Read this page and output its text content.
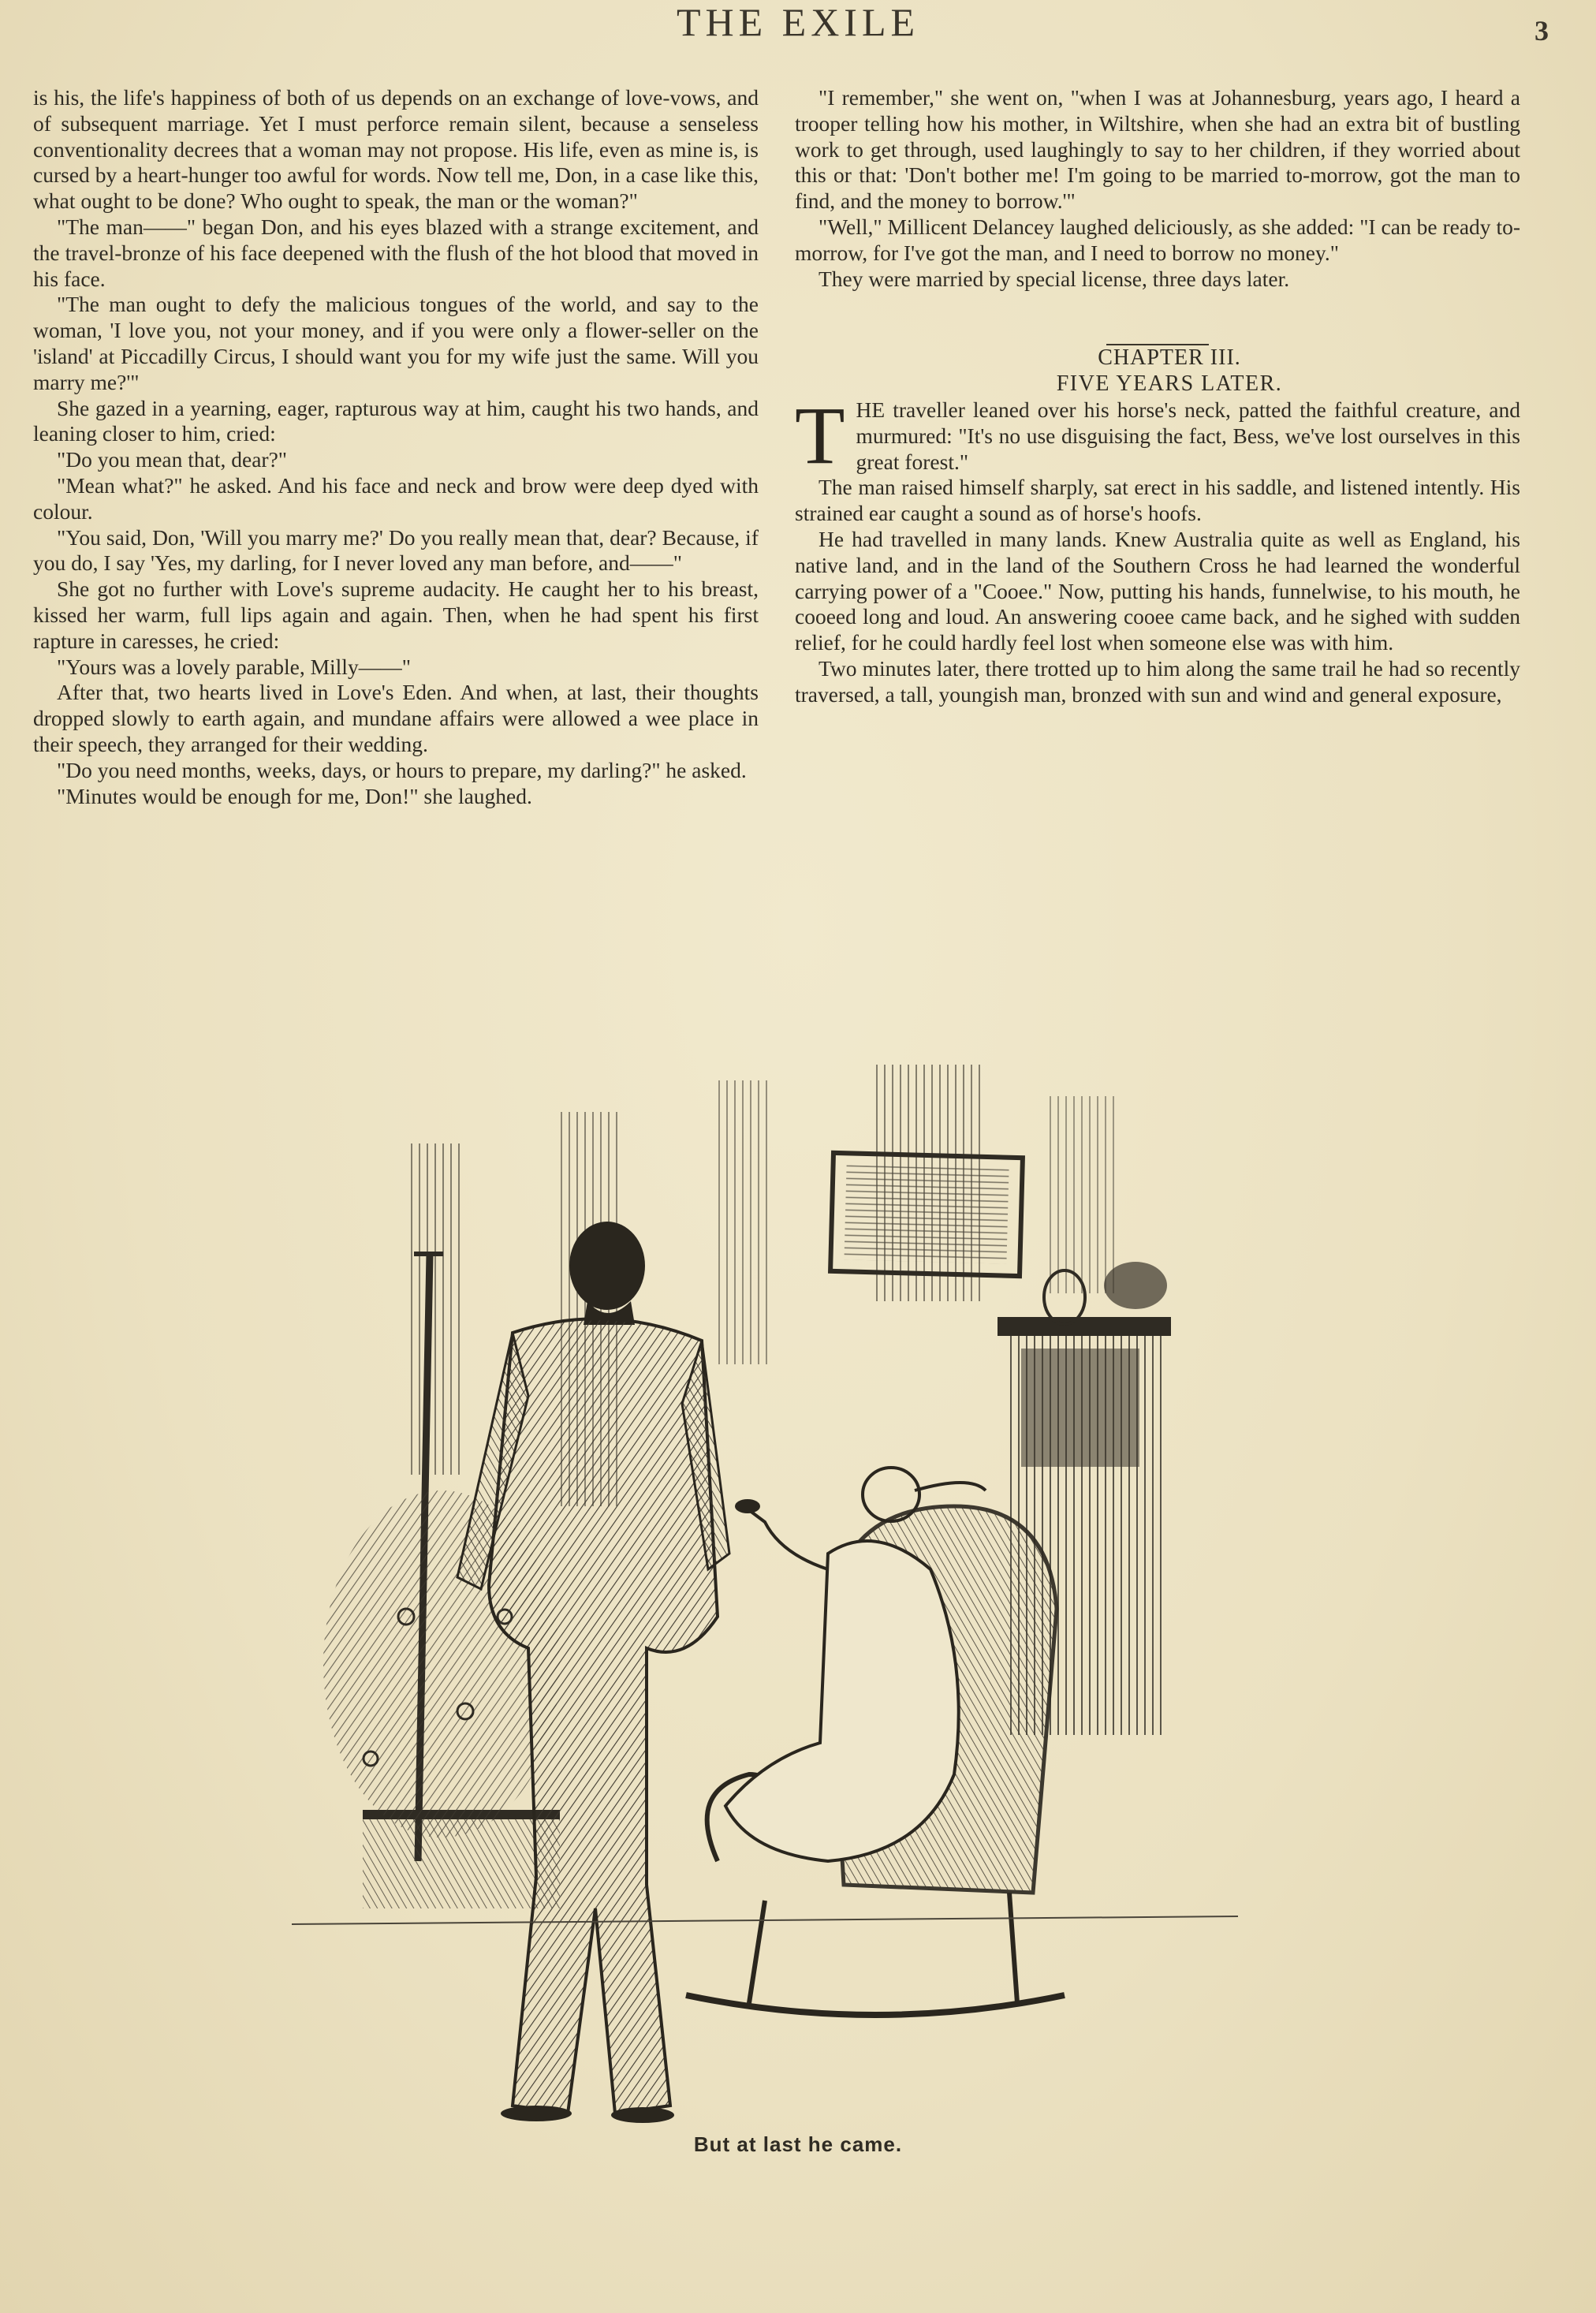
THE EXILE	3

is his, the life's happiness of both of us depends on an exchange of love-vows, and of subsequent marriage. Yet I must perforce remain silent, because a senseless conventionality decrees that a woman may not propose. His life, even as mine is, is cursed by a heart-hunger too awful for words. Now tell me, Don, in a case like this, what ought to be done? Who ought to speak, the man or the woman?"

"The man——" began Don, and his eyes blazed with a strange excitement, and the travel-bronze of his face deepened with the flush of the hot blood that moved in his face.

"The man ought to defy the malicious tongues of the world, and say to the woman, 'I love you, not your money, and if you were only a flower-seller on the 'island' at Piccadilly Circus, I should want you for my wife just the same. Will you marry me?'"

She gazed in a yearning, eager, rapturous way at him, caught his two hands, and leaning closer to him, cried:

"Do you mean that, dear?"

"Mean what?" he asked. And his face and neck and brow were deep dyed with colour.

"You said, Don, 'Will you marry me?' Do you really mean that, dear? Because, if you do, I say 'Yes, my darling, for I never loved any man before, and——"

She got no further with Love's supreme audacity. He caught her to his breast, kissed her warm, full lips again and again. Then, when he had spent his first rapture in caresses, he cried:

"Yours was a lovely parable, Milly——"

After that, two hearts lived in Love's Eden. And when, at last, their thoughts dropped slowly to earth again, and mundane affairs were allowed a wee place in their speech, they arranged for their wedding.

"Do you need months, weeks, days, or hours to prepare, my darling?" he asked.

"Minutes would be enough for me, Don!" she laughed.

"I remember," she went on, "when I was at Johannesburg, years ago, I heard a trooper telling how his mother, in Wiltshire, when she had an extra bit of bustling work to get through, used laughingly to say to her children, if they worried about this or that: 'Don't bother me! I'm going to be married to-morrow, got the man to find, and the money to borrow.'"

"Well," Millicent Delancey laughed deliciously, as she added: "I can be ready to-morrow, for I've got the man, and I need to borrow no money."

They were married by special license, three days later.

CHAPTER III.

FIVE YEARS LATER.

THE traveller leaned over his horse's neck, patted the faithful creature, and murmured: "It's no use disguising the fact, Bess, we've lost ourselves in this great forest."

The man raised himself sharply, sat erect in his saddle, and listened intently. His strained ear caught a sound as of horse's hoofs.

He had travelled in many lands. Knew Australia quite as well as England, his native land, and in the land of the Southern Cross he had learned the wonderful carrying power of a "Cooee." Now, putting his hands, funnelwise, to his mouth, he cooeed long and loud. An answering cooee came back, and he sighed with sudden relief, for he could hardly feel lost when someone else was with him.

Two minutes later, there trotted up to him along the same trail he had so recently traversed, a tall, youngish man, bronzed with sun and wind and general exposure,

But at last he came.
